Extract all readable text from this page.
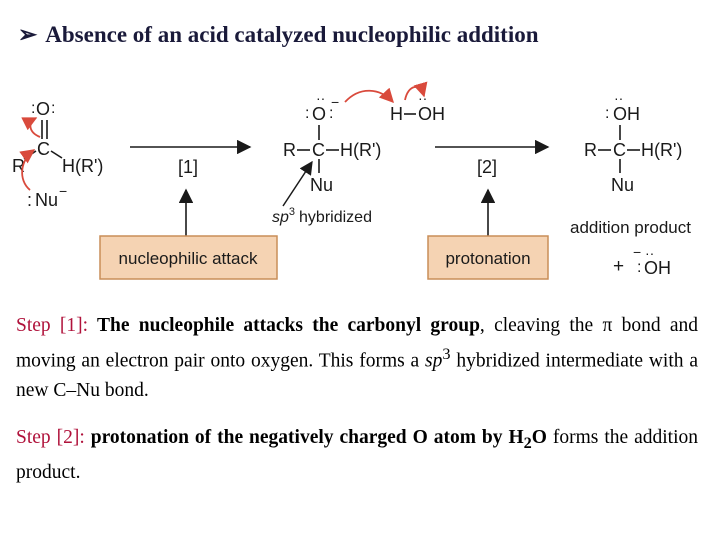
➢ Absence of an acid catalyzed nucleophilic addition
: O :
C
R H(R')
: Nu −
[1]
··
: O :
−
R C H(R')
Nu
H
··
OH
[2]
··
: OH
R C H(R')
Nu
addition product
+
− ··
: OH
$sp^3$ hybridized
nucleophilic attack	protonation
Step [1]: The nucleophile attacks the carbonyl group, cleaving the π bond and moving an electron pair onto oxygen. This forms a $sp^3$ hybridized intermediate with a new C–Nu bond.
Step [2]: protonation of the negatively charged O atom by $H_2O$ forms the addition product.
